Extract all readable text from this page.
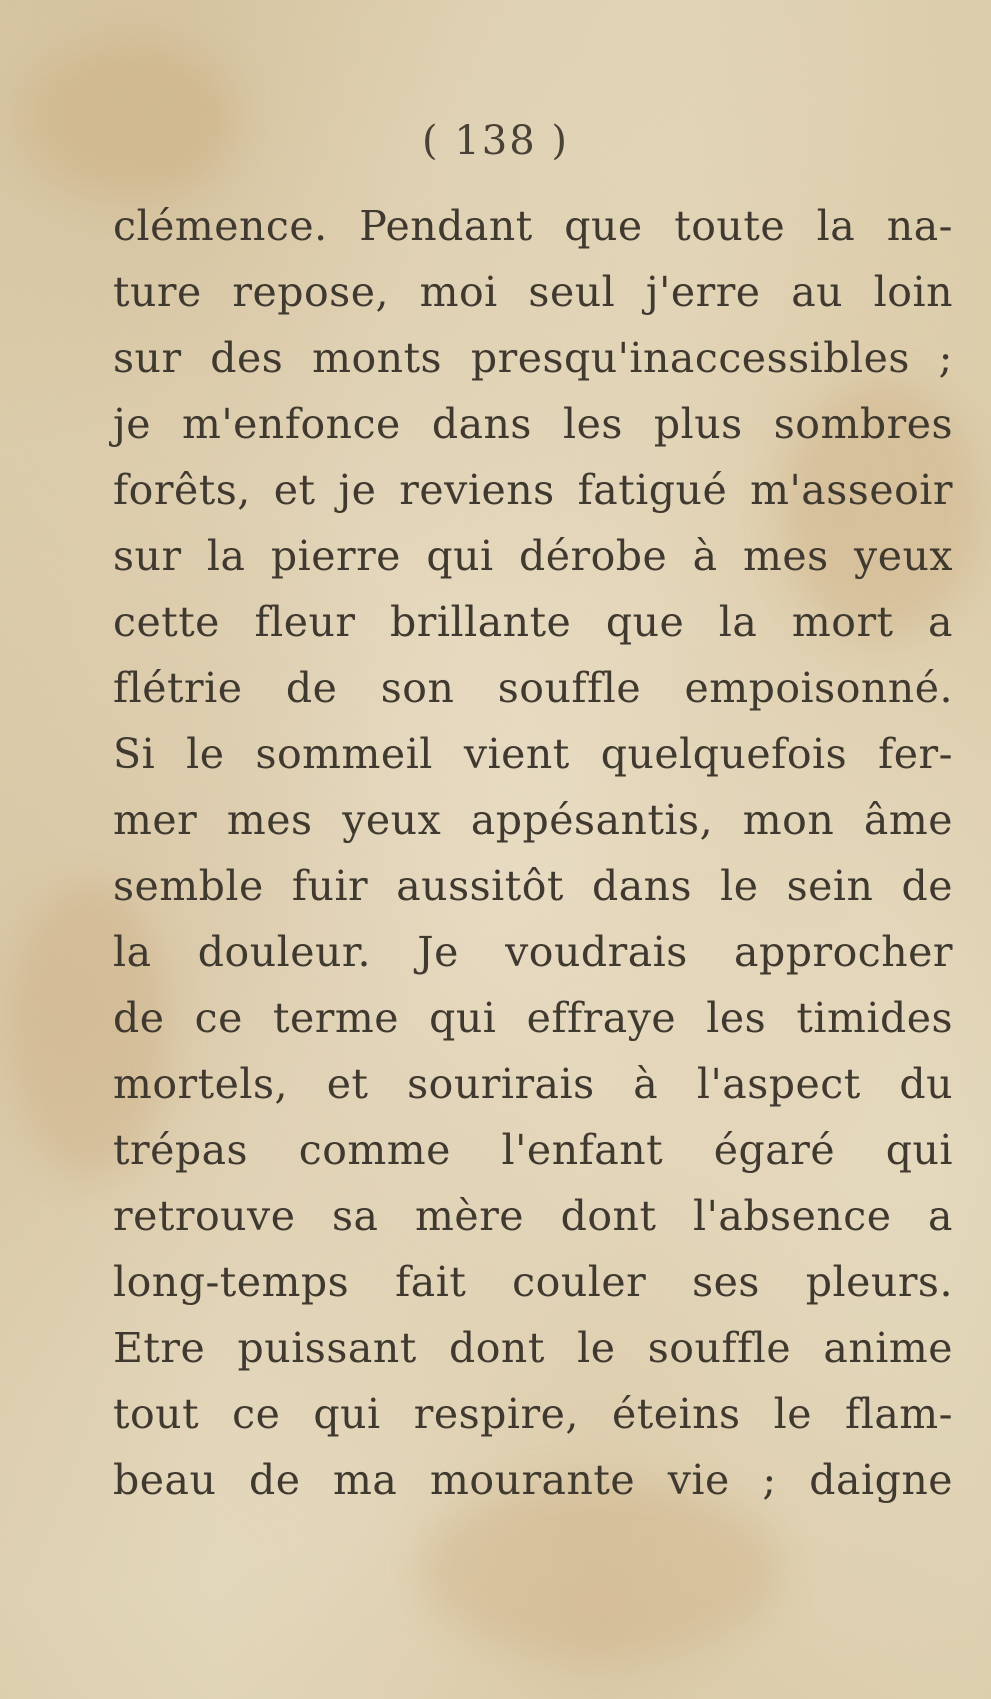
( 138 )
clémence. Pendant que toute la na-
ture repose, moi seul j'erre au loin
sur des monts presqu'inaccessibles ;
je m'enfonce dans les plus sombres
forêts, et je reviens fatigué m'asseoir
sur la pierre qui dérobe à mes yeux
cette fleur brillante que la mort a
flétrie de son souffle empoisonné.
Si le sommeil vient quelquefois fer-
mer mes yeux appésantis, mon âme
semble fuir aussitôt dans le sein de
la douleur. Je voudrais approcher
de ce terme qui effraye les timides
mortels, et sourirais à l'aspect du
trépas comme l'enfant égaré qui
retrouve sa mère dont l'absence a
long-temps fait couler ses pleurs.
Etre puissant dont le souffle anime
tout ce qui respire, éteins le flam-
beau de ma mourante vie ; daigne
